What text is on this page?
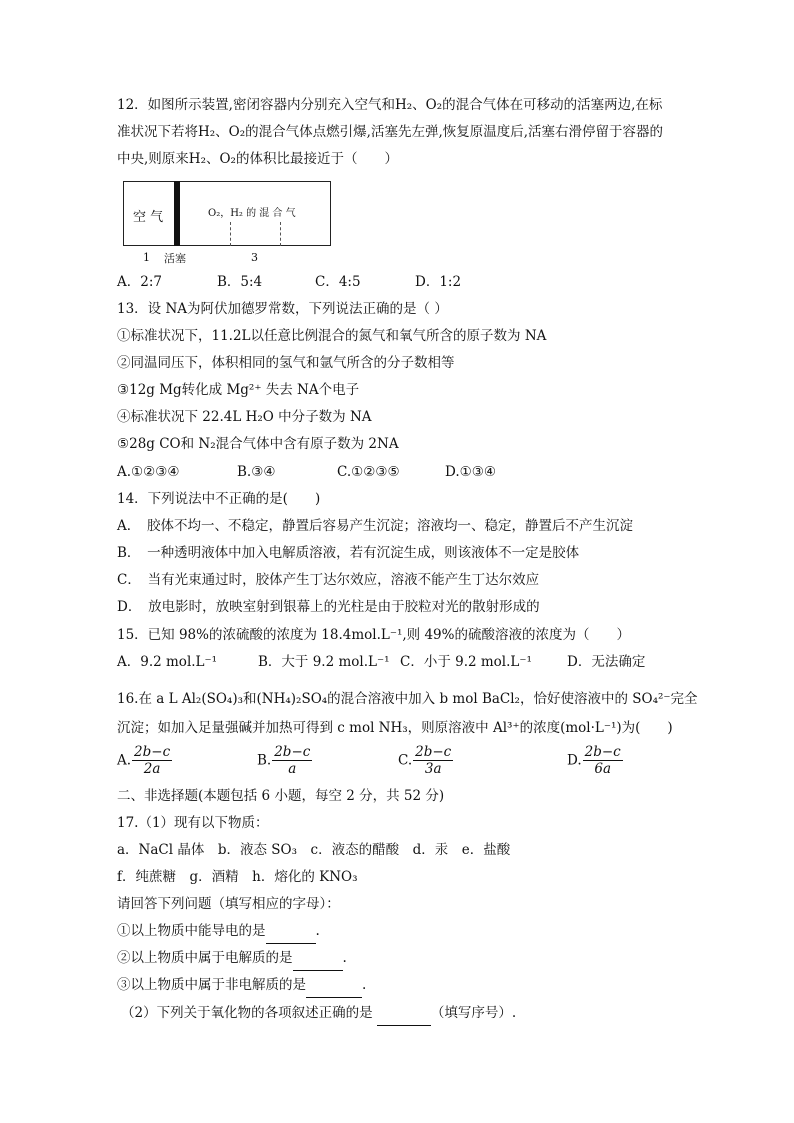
12．如图所示装置,密闭容器内分别充入空气和H₂、O₂的混合气体在可移动的活塞两边,在标
准状况下若将H₂、O₂的混合气体点燃引爆,活塞先左弹,恢复原温度后,活塞右滑停留于容器的
中央,则原来H₂、O₂的体积比最接近于（　　）
空 气	O₂，H₂ 的 混 合 气
1 活塞	3
A．2:7	B．5:4	C．4:5	D．1:2
13．设 NA为阿伏加德罗常数，下列说法正确的是（ ）
①标准状况下，11.2L以任意比例混合的氮气和氧气所含的原子数为 NA
②同温同压下，体积相同的氢气和氩气所含的分子数相等
③12g Mg转化成 Mg²⁺ 失去 NA个电子
④标准状况下 22.4L H₂O 中分子数为 NA
⑤28g CO和 N₂混合气体中含有原子数为 2NA
A.①②③④	B.③④	C.①②③⑤	D.①③④
14．下列说法中不正确的是(　　)
A．　胶体不均一、不稳定，静置后容易产生沉淀；溶液均一、稳定，静置后不产生沉淀
B．　一种透明液体中加入电解质溶液，若有沉淀生成，则该液体不一定是胶体
C．　当有光束通过时，胶体产生丁达尔效应，溶液不能产生丁达尔效应
D．　放电影时，放映室射到银幕上的光柱是由于胶粒对光的散射形成的
15．已知 98%的浓硫酸的浓度为 18.4mol.L⁻¹,则 49%的硫酸溶液的浓度为（　　）
A．9.2 mol.L⁻¹	B．大于 9.2 mol.L⁻¹ C．小于 9.2 mol.L⁻¹	D．无法确定
16.在 a L Al₂(SO₄)₃和(NH₄)₂SO₄的混合溶液中加入 b mol BaCl₂，恰好使溶液中的 SO₄²⁻完全
沉淀；如加入足量强碱并加热可得到 c mol NH₃，则原溶液中 Al³⁺的浓度(mol·L⁻¹)为(　　)
A. $\frac{2b-c}{2a}$	B. $\frac{2b-c}{a}$	C. $\frac{2b-c}{3a}$	D. $\frac{2b-c}{6a}$
二、非选择题(本题包括 6 小题，每空 2 分，共 52 分)
17.（1）现有以下物质：
a．NaCl 晶体　b．液态 SO₃　c．液态的醋酸　d．汞　e．盐酸
f．纯蔗糖　g．酒精　h．熔化的 KNO₃
请回答下列问题（填写相应的字母）：
①以上物质中能导电的是	.
②以上物质中属于电解质的是	.
③以上物质中属于非电解质的是	.
（2）下列关于氧化物的各项叙述正确的是	（填写序号）.
